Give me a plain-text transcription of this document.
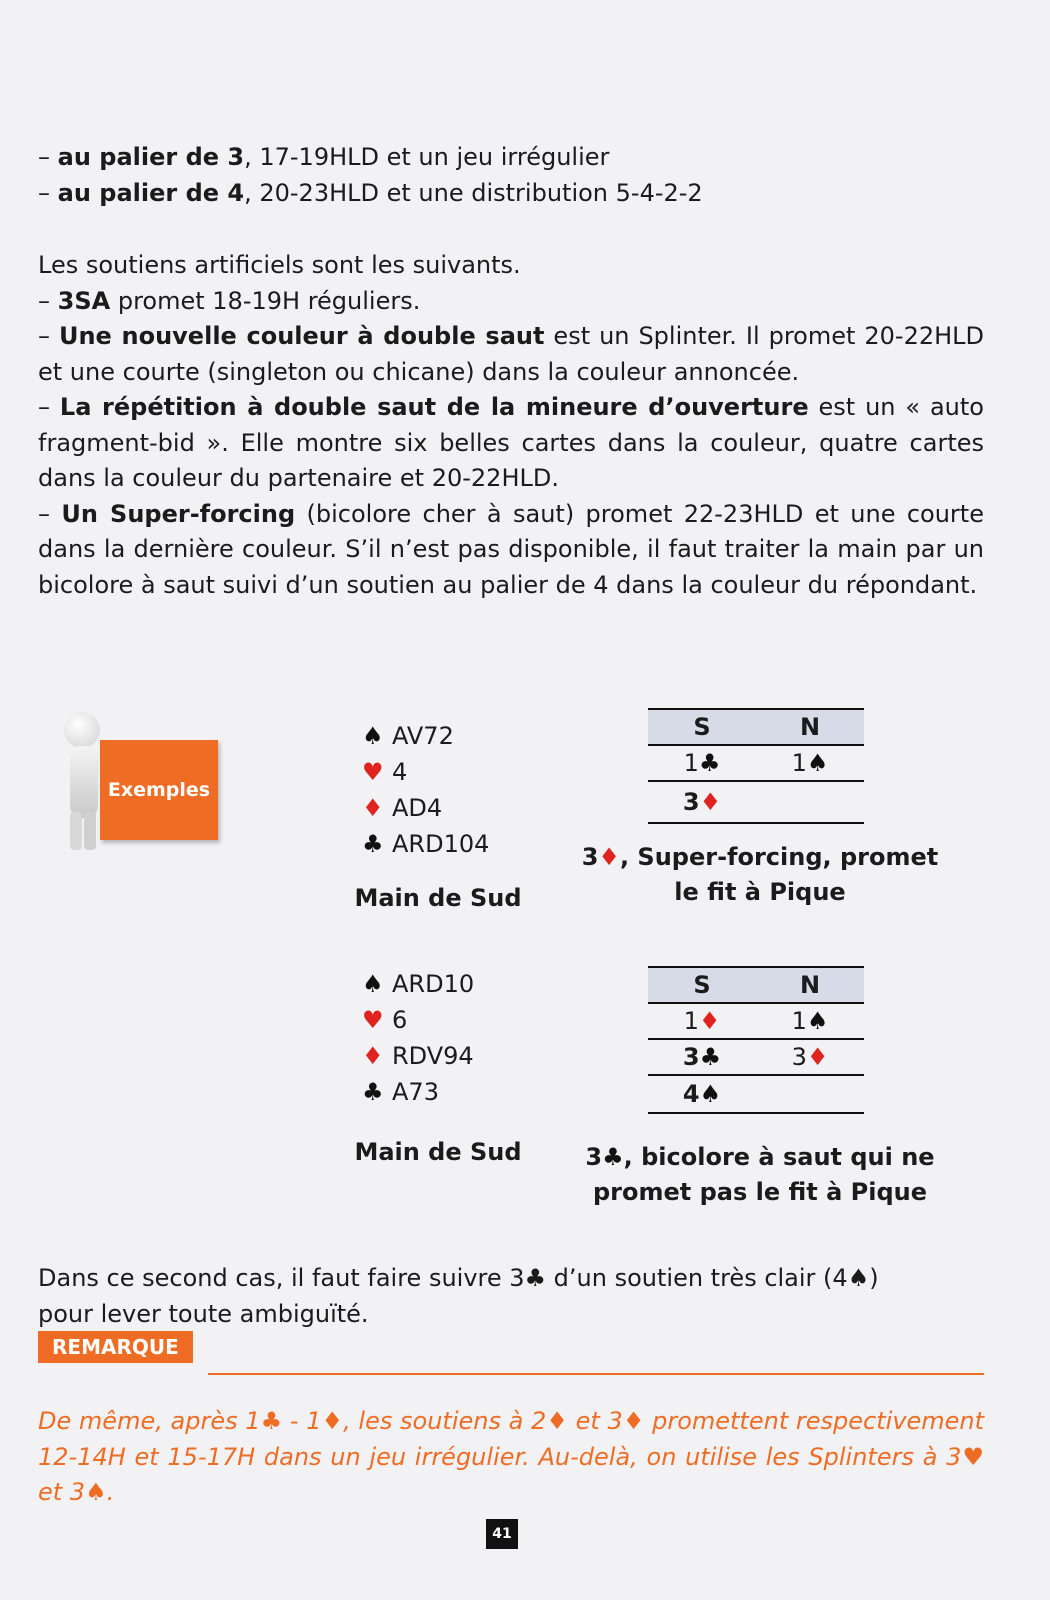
– au palier de 3, 17-19HLD et un jeu irrégulier
– au palier de 4, 20-23HLD et une distribution 5-4-2-2
Les soutiens artificiels sont les suivants.
– 3SA promet 18-19H réguliers.
– Une nouvelle couleur à double saut est un Splinter. Il promet 20-22HLD et une courte (singleton ou chicane) dans la couleur annoncée.
– La répétition à double saut de la mineure d’ouverture est un « auto fragment-bid ». Elle montre six belles cartes dans la couleur, quatre cartes dans la couleur du partenaire et 20-22HLD.
– Un Super-forcing (bicolore cher à saut) promet 22-23HLD et une courte dans la dernière couleur. S’il n’est pas disponible, il faut traiter la main par un bicolore à saut suivi d’un soutien au palier de 4 dans la couleur du répondant.
Exemples
♠ AV72
♥ 4
♦ AD4
♣ ARD104
Main de Sud
S	N
1♣	1♠
3♦
3♦, Super-forcing, promet
le fit à Pique
♠ ARD10
♥ 6
♦ RDV94
♣ A73
Main de Sud
S	N
1♦	1♠
3♣	3♦
4♠
3♣, bicolore à saut qui ne
promet pas le fit à Pique
Dans ce second cas, il faut faire suivre 3♣ d’un soutien très clair (4♠)
pour lever toute ambiguïté.
REMARQUE
De même, après 1♣ - 1♦, les soutiens à 2♦ et 3♦ promettent respectivement 12-14H et 15-17H dans un jeu irrégulier. Au-delà, on utilise les Splinters à 3♥ et 3♠.
41
